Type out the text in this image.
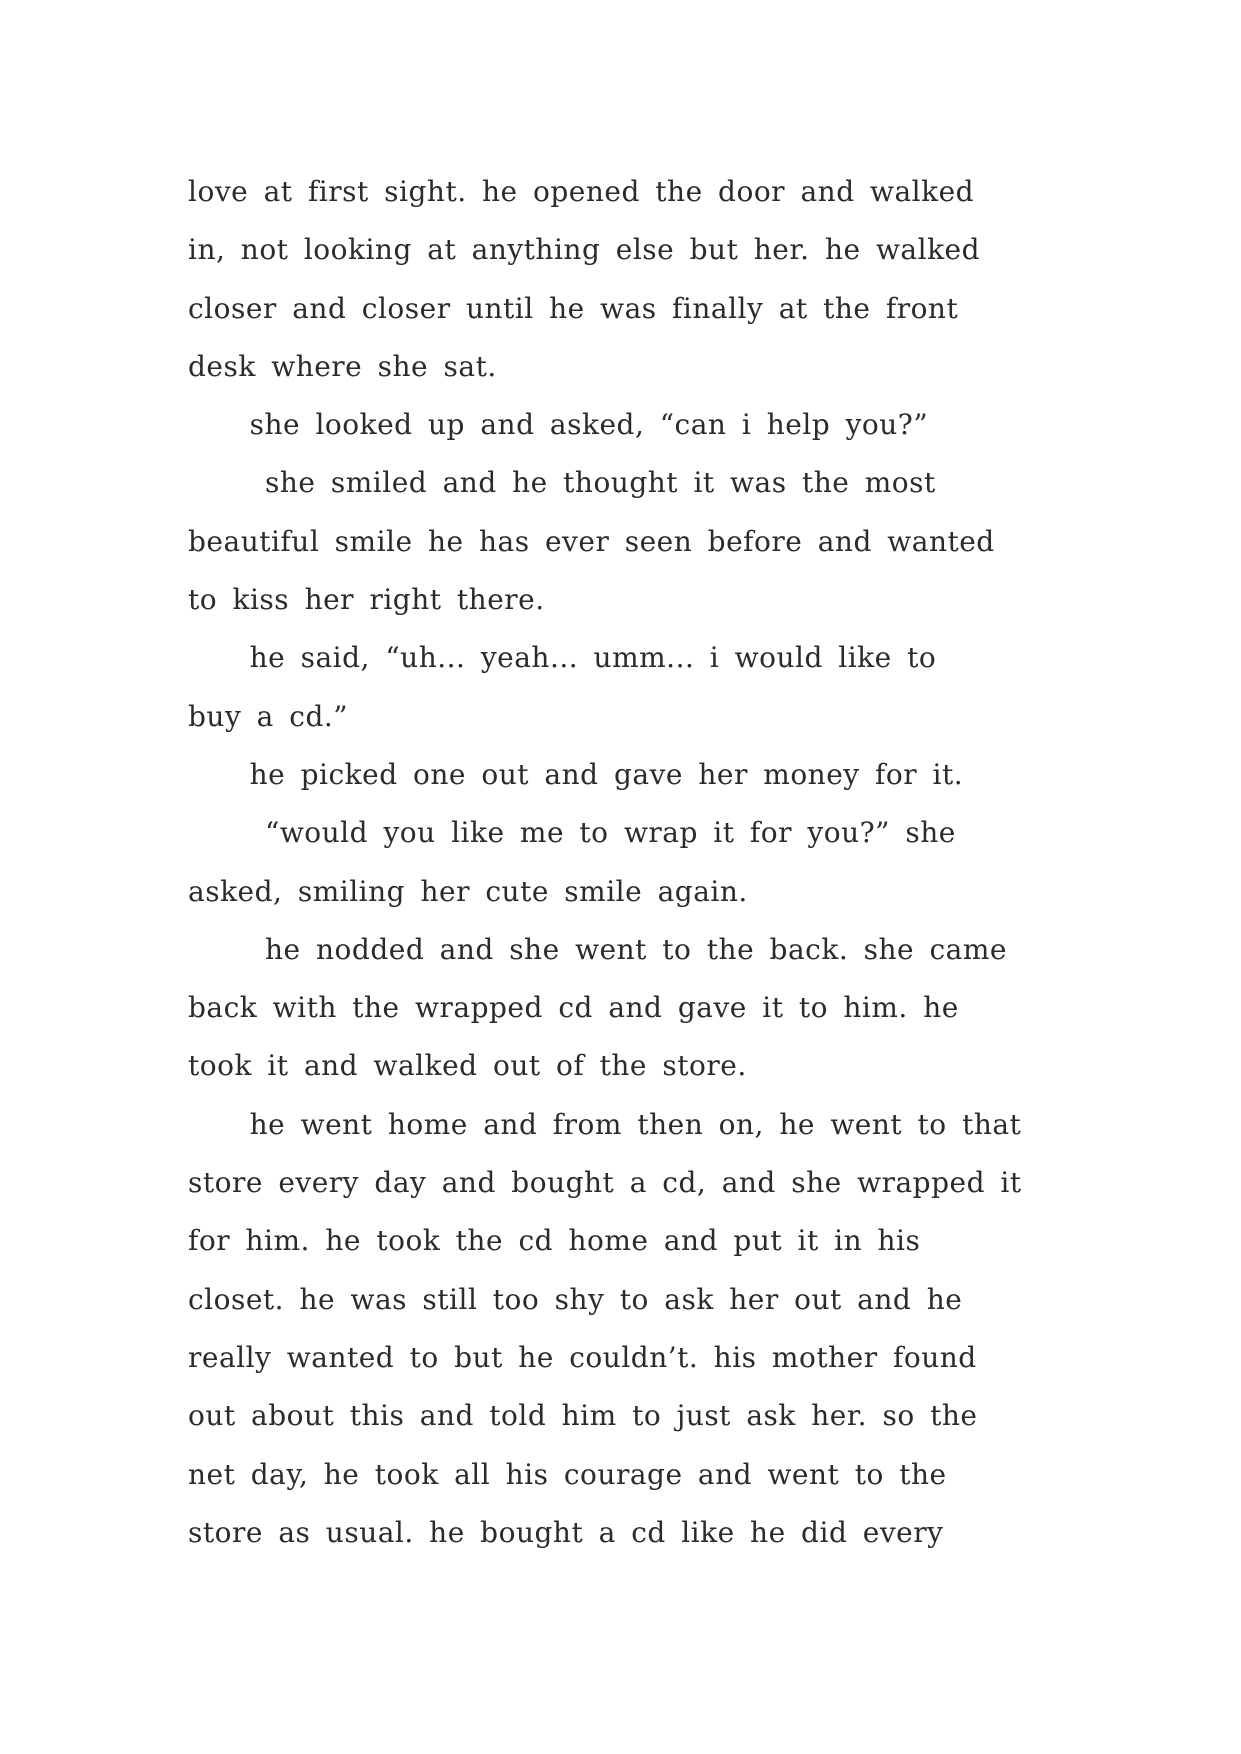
love at first sight. he opened the door and walked
in, not looking at anything else but her. he walked
closer and closer until he was finally at the front
desk where she sat.
she looked up and asked, “can i help you?”
she smiled and he thought it was the most
beautiful smile he has ever seen before and wanted
to kiss her right there.
he said, “uh... yeah... umm... i would like to
buy a cd.”
he picked one out and gave her money for it.
“would you like me to wrap it for you?” she
asked, smiling her cute smile again.
he nodded and she went to the back. she came
back with the wrapped cd and gave it to him. he
took it and walked out of the store.
he went home and from then on, he went to that
store every day and bought a cd, and she wrapped it
for him. he took the cd home and put it in his
closet. he was still too shy to ask her out and he
really wanted to but he couldn’t. his mother found
out about this and told him to just ask her. so the
net day, he took all his courage and went to the
store as usual. he bought a cd like he did every
